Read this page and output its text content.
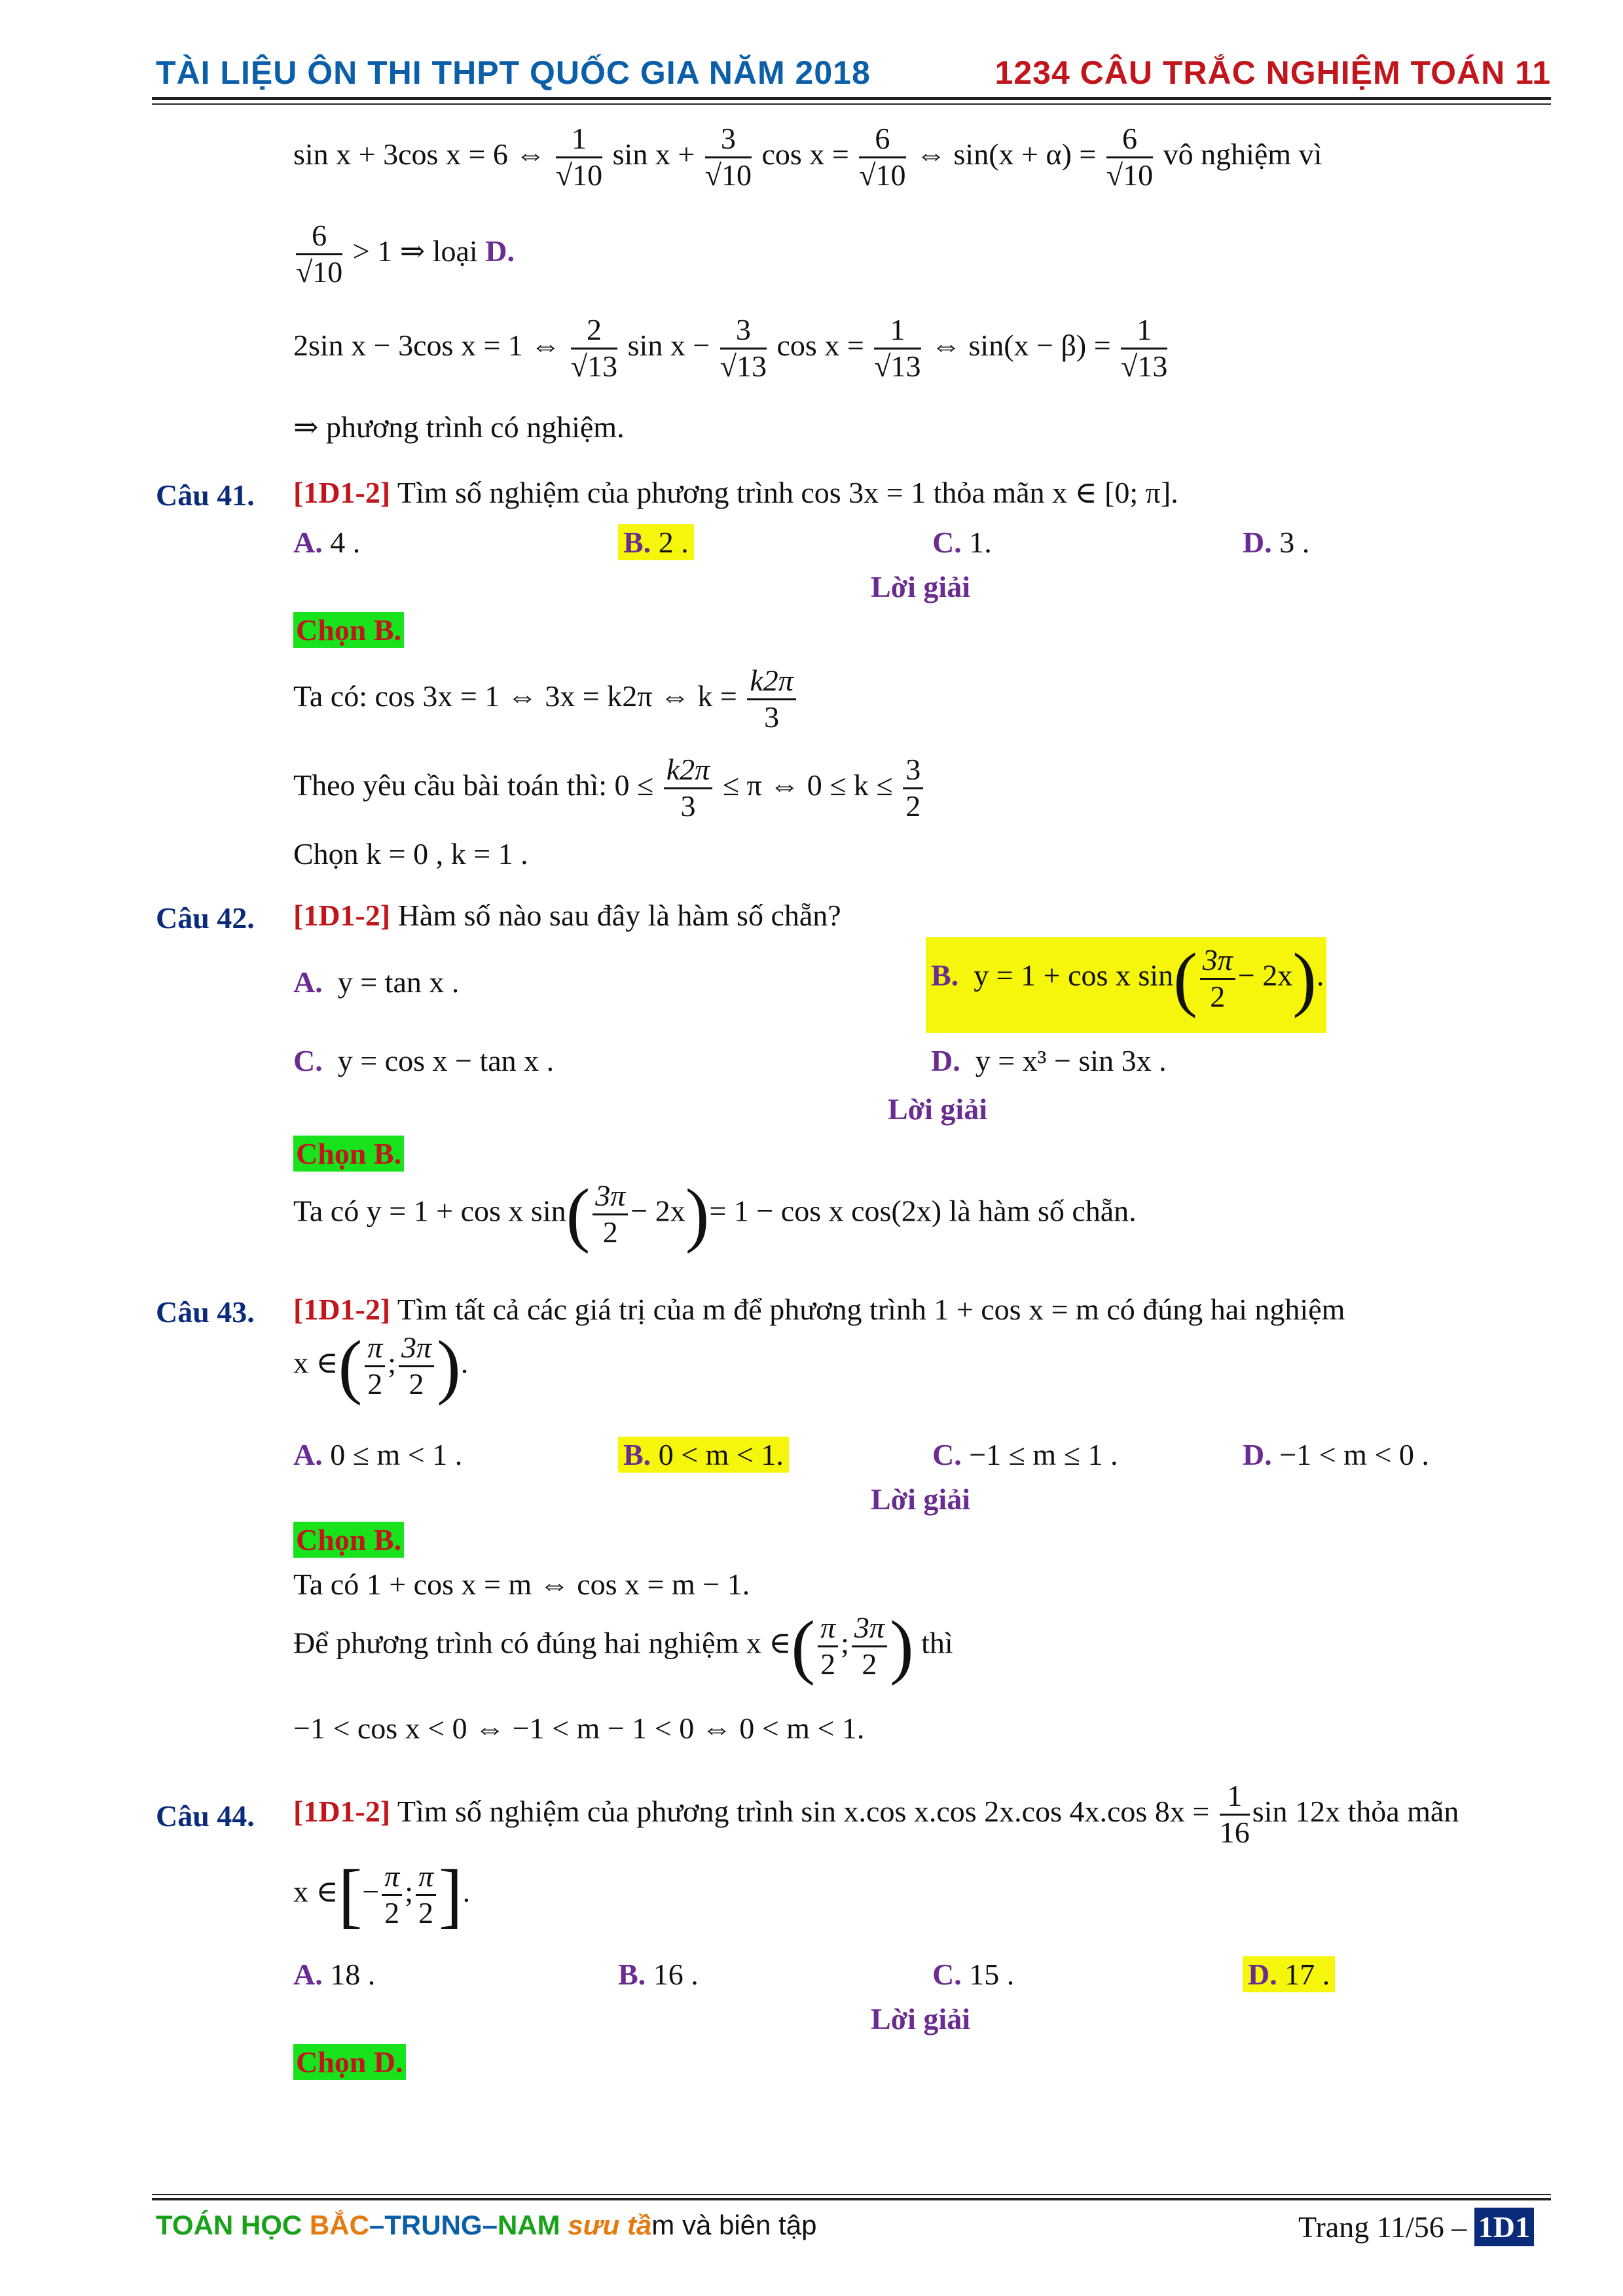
TÀI LIỆU ÔN THI THPT QUỐC GIA NĂM 2018	1234 CÂU TRẮC NGHIỆM TOÁN 11
sin x + 3cos x = 6 ⇔ $\frac{1}{√10}$ $\sin x + \frac{3}{√10}$ $\cos x = \frac{6}{√10}$ ⇔ $\sin(x + \alpha) = \frac{6}{√10}$ vô nghiệm vì
$\frac{6}{√10} > 1$ ⇒ loại D.
2sin x − 3cos x = 1 ⇔ $\frac{2}{√13}$ $\sin x - \frac{3}{√13}$ $\cos x = \frac{1}{√13}$ ⇔ $\sin(x - \beta) = \frac{1}{√13}$
⇒ phương trình có nghiệm.
Câu 41. [1D1-2] Tìm số nghiệm của phương trình cos 3x = 1 thỏa mãn x ∈ [0; π].
A. 4 .	B. 2 .	C. 1.	D. 3 .
Lời giải
Chọn B.
Ta có: cos 3x = 1 ⇔ 3x = k2π ⇔ $k = \frac{k2\pi}{3}$
Theo yêu cầu bài toán thì: $0 \le \frac{k2\pi}{3} \le \pi$ ⇔ $0 \le k \le \frac{3}{2}$
Chọn k = 0 , k = 1 .
Câu 42. [1D1-2] Hàm số nào sau đây là hàm số chẵn?
A. y = tan x .	B. y = 1 + cos x $\sin( \frac{3\pi}{2} - 2x)$.
C. y = cos x − tan x .	D. y = x³ − sin 3x .
Lời giải
Chọn B.
Ta có y = 1 + cos x $\sin( \frac{3\pi}{2} - 2x)= 1 - \cos x$ cos(2x) là hàm số chẵn.
Câu 43. [1D1-2] Tìm tất cả các giá trị của m để phương trình 1 + cos x = m có đúng hai nghiệm
x ∈( $\frac{\pi}{2}$ ; $\frac{3\pi}{2}$ ).
A. 0 ≤ m < 1 .	B. 0 < m < 1.	C. −1 ≤ m ≤ 1 .	D. −1 < m < 0 .
Lời giải
Chọn B.
Ta có 1 + cos x = m ⇔ cos x = m − 1.
Để phương trình có đúng hai nghiệm x ∈( $\frac{\pi}{2}$ ; $\frac{3\pi}{2}$ ) thì
−1 < cos x < 0 ⇔ −1 < m − 1 < 0 ⇔ 0 < m < 1.
Câu 44. [1D1-2] Tìm số nghiệm của phương trình sin x.cos x.cos 2x.cos 4x.cos $8x = \frac{1}{16}$ sin 12x thỏa mãn
x ∈[− $\frac{\pi}{2}$ ; $\frac{\pi}{2}$ ].
A. 18 .	B. 16 .	C. 15 .	D. 17 .
Lời giải
Chọn D.
TOÁN HỌC BẮC–TRUNG–NAM sưu tầm và biên tập	Trang 11/56 – 1D1
